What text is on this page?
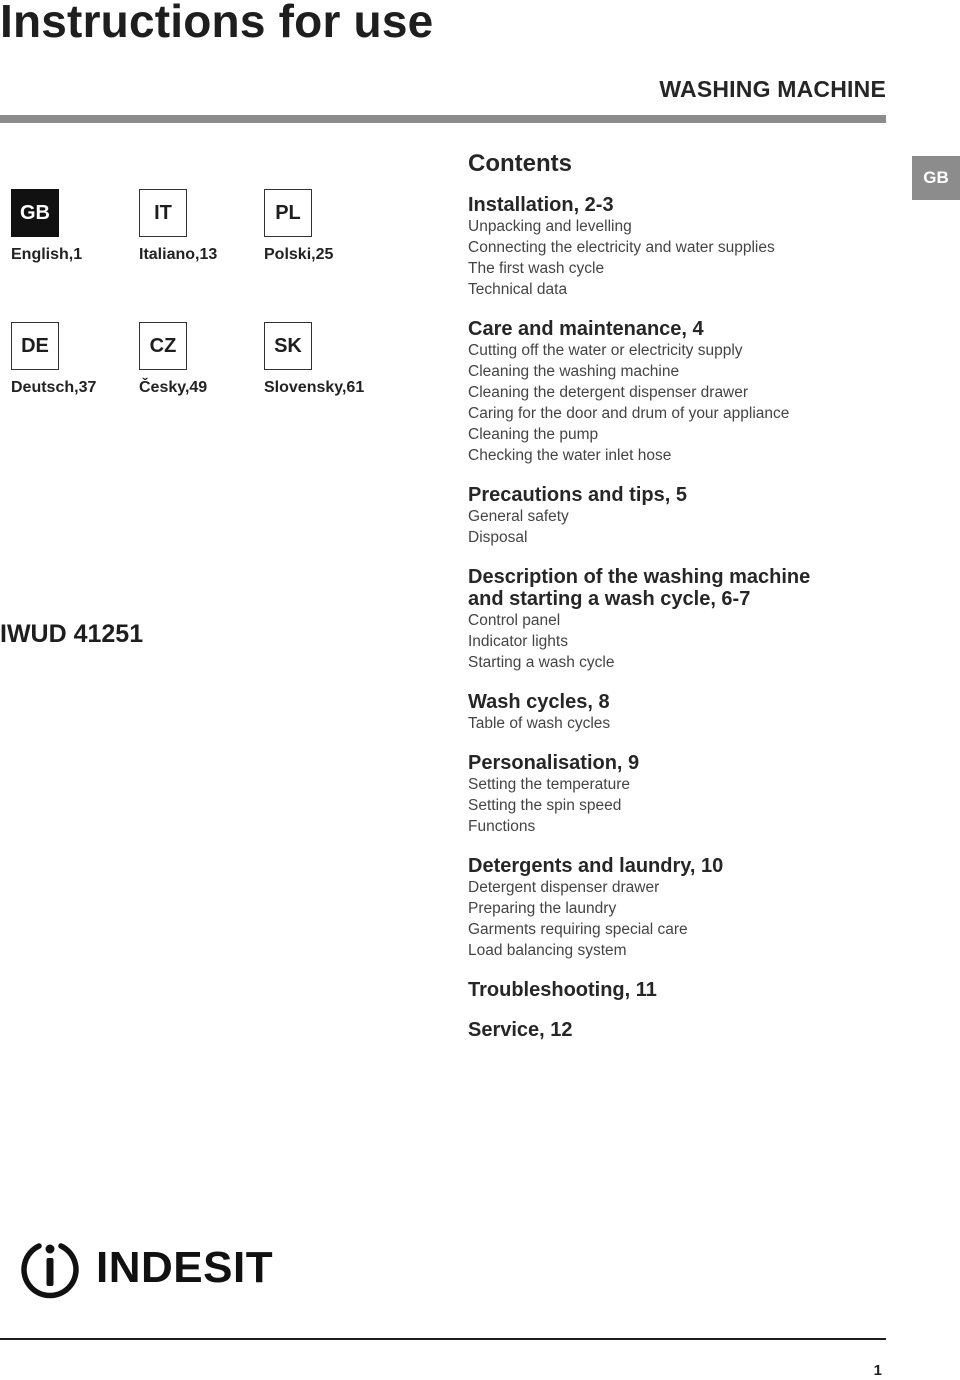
Instructions for use
WASHING MACHINE
GB
GB
English,1
IT
Italiano,13
PL
Polski,25
DE
Deutsch,37
CZ
Česky,49
SK
Slovensky,61
IWUD 41251
Contents
Installation, 2-3
Unpacking and levelling
Connecting the electricity and water supplies
The first wash cycle
Technical data
Care and maintenance, 4
Cutting off the water or electricity supply
Cleaning the washing machine
Cleaning the detergent dispenser drawer
Caring for the door and drum of your appliance
Cleaning the pump
Checking the water inlet hose
Precautions and tips, 5
General safety
Disposal
Description of the washing machine
and starting a wash cycle, 6-7
Control panel
Indicator lights
Starting a wash cycle
Wash cycles, 8
Table of wash cycles
Personalisation, 9
Setting the temperature
Setting the spin speed
Functions
Detergents and laundry, 10
Detergent dispenser drawer
Preparing the laundry
Garments requiring special care
Load balancing system
Troubleshooting, 11
Service, 12
INDESIT
1
